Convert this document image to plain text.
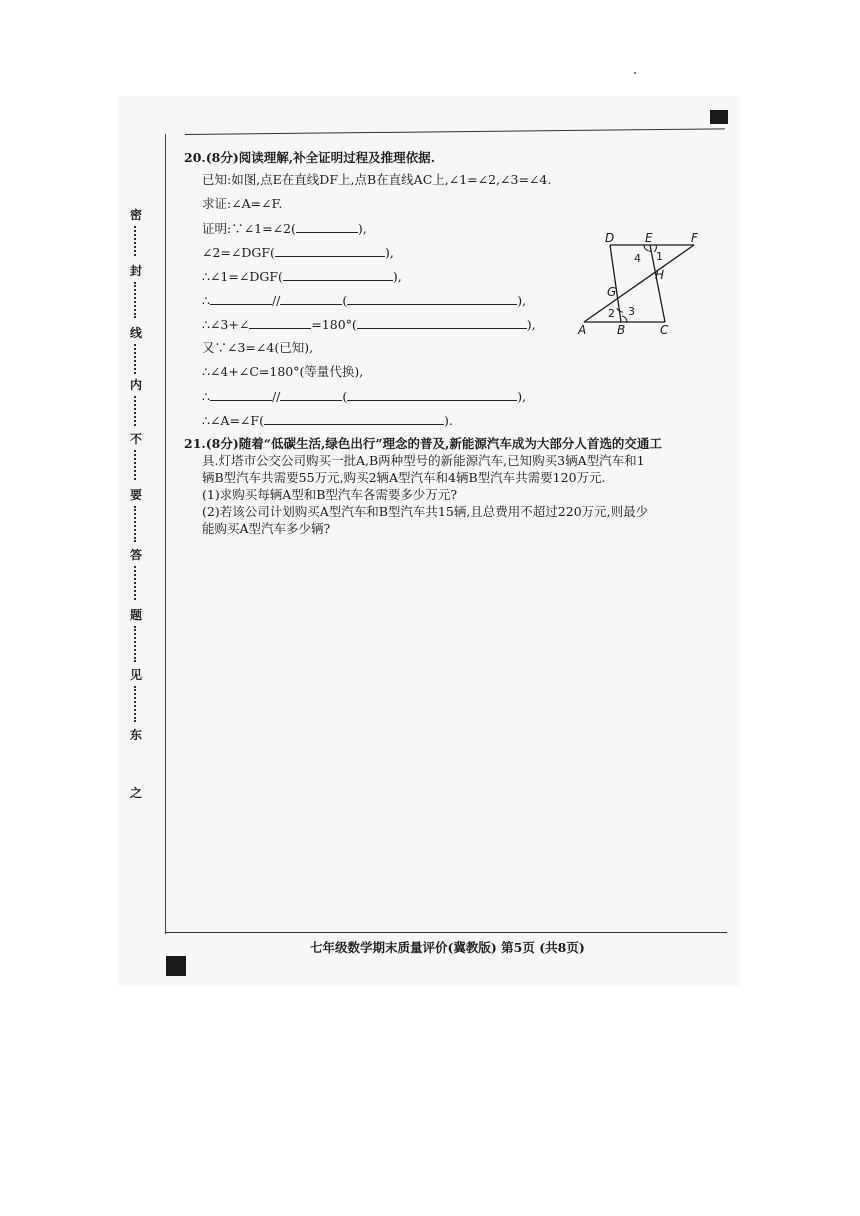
密
封
线
内
不
要
答
题
见
东
之
20.(8分)阅读理解,补全证明过程及推理依据.
已知:如图,点E在直线DF上,点B在直线AC上,∠1=∠2,∠3=∠4.
求证:∠A=∠F.
证明:∵∠1=∠2(	),
∠2=∠DGF(	),
∴∠1=∠DGF(	),
∴	//	(	),
∴∠3+∠	=180°(	),
又∵∠3=∠4(已知),
∴∠4+∠C=180°(等量代换),
∴	//	(	),
∴∠A=∠F(	).
D	E	F
H
G
A	B	C
1
4
2 3
21.(8分)随着“低碳生活,绿色出行”理念的普及,新能源汽车成为大部分人首选的交通工
具.灯塔市公交公司购买一批A,B两种型号的新能源汽车,已知购买3辆A型汽车和1
辆B型汽车共需要55万元,购买2辆A型汽车和4辆B型汽车共需要120万元.
(1)求购买每辆A型和B型汽车各需要多少万元?
(2)若该公司计划购买A型汽车和B型汽车共15辆,且总费用不超过220万元,则最少
能购买A型汽车多少辆?
七年级数学期末质量评价(冀教版) 第5页 (共8页)
